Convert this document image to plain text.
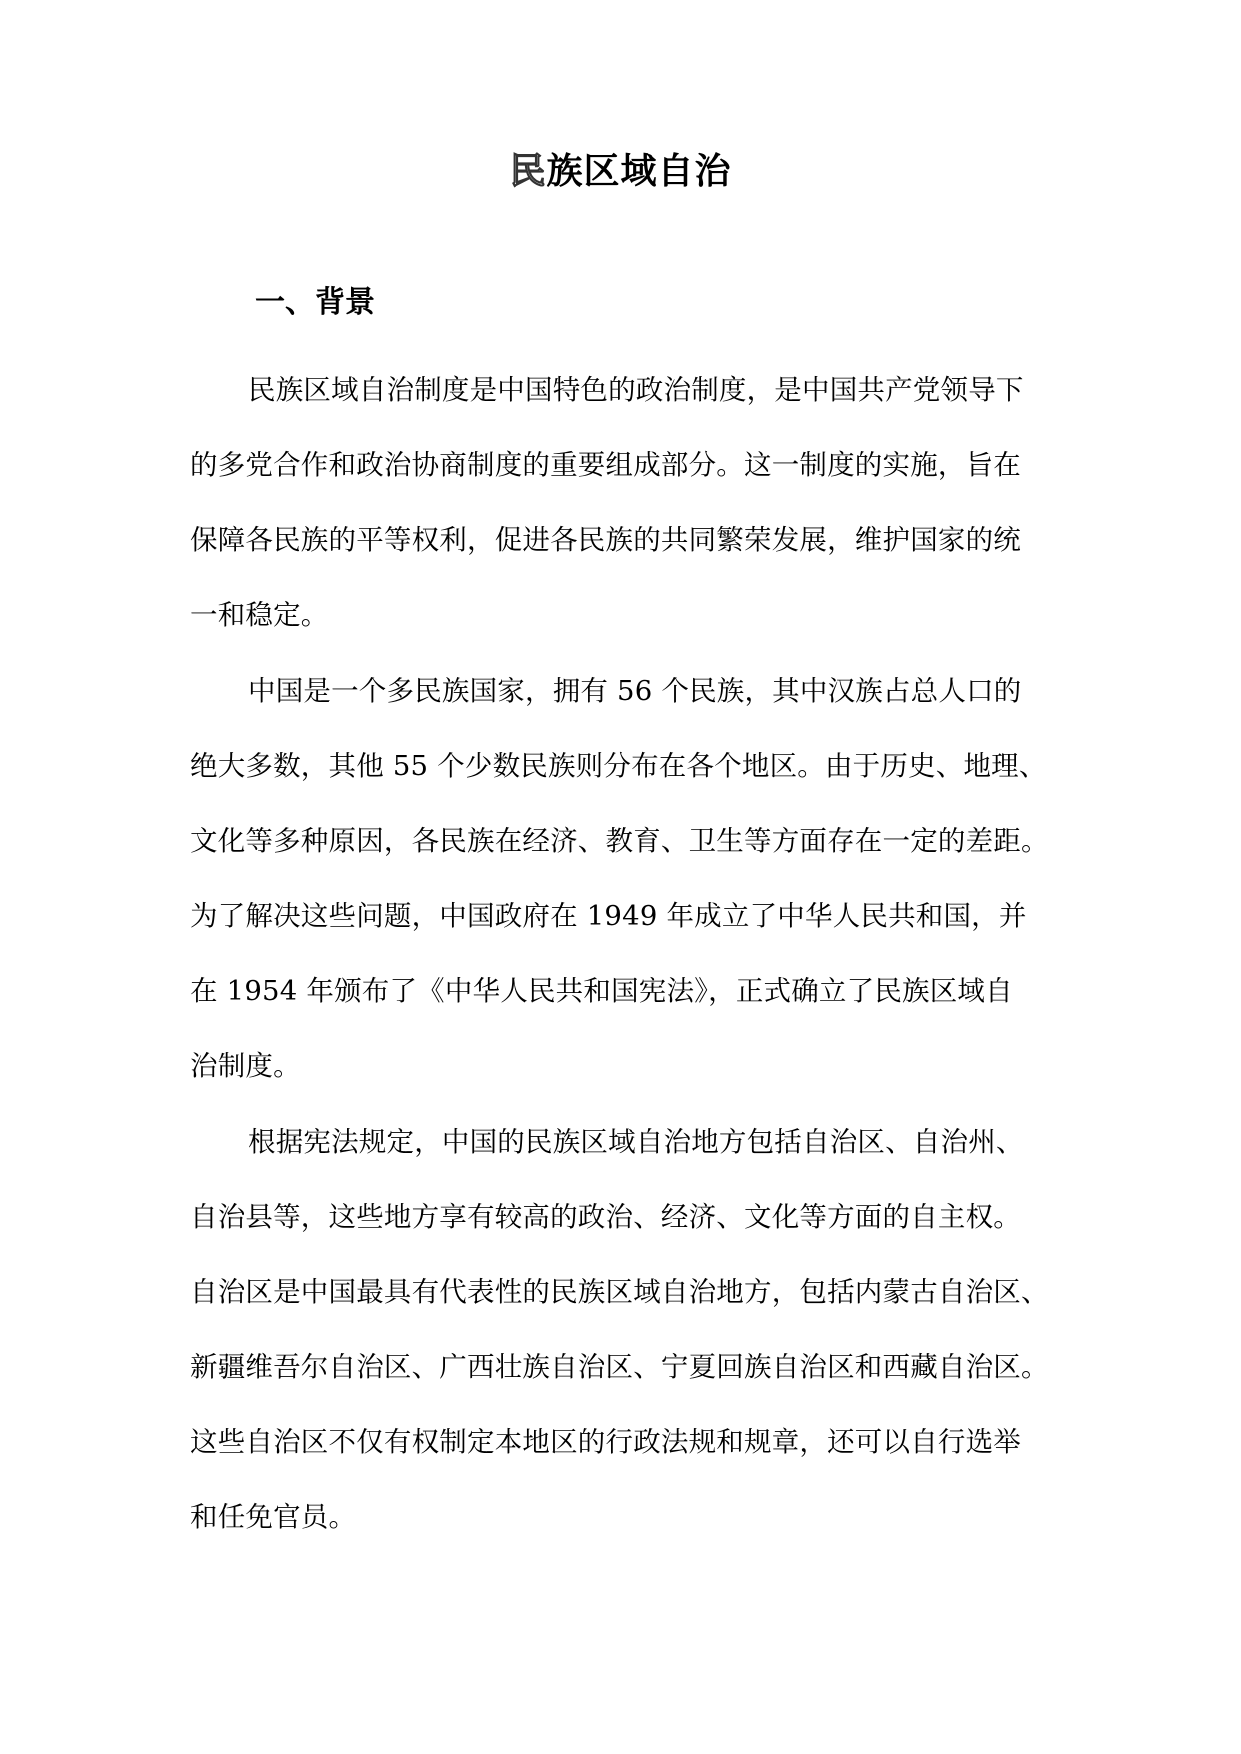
民族区域自治
一、背景
民族区域自治制度是中国特色的政治制度，是中国共产党领导下
的多党合作和政治协商制度的重要组成部分。这一制度的实施，旨在
保障各民族的平等权利，促进各民族的共同繁荣发展，维护国家的统
一和稳定。
中国是一个多民族国家，拥有 56 个民族，其中汉族占总人口的
绝大多数，其他 55 个少数民族则分布在各个地区。由于历史、地理、
文化等多种原因，各民族在经济、教育、卫生等方面存在一定的差距。
为了解决这些问题，中国政府在 1949 年成立了中华人民共和国，并
在 1954 年颁布了《中华人民共和国宪法》，正式确立了民族区域自
治制度。
根据宪法规定，中国的民族区域自治地方包括自治区、自治州、
自治县等，这些地方享有较高的政治、经济、文化等方面的自主权。
自治区是中国最具有代表性的民族区域自治地方，包括内蒙古自治区、
新疆维吾尔自治区、广西壮族自治区、宁夏回族自治区和西藏自治区。
这些自治区不仅有权制定本地区的行政法规和规章，还可以自行选举
和任免官员。
